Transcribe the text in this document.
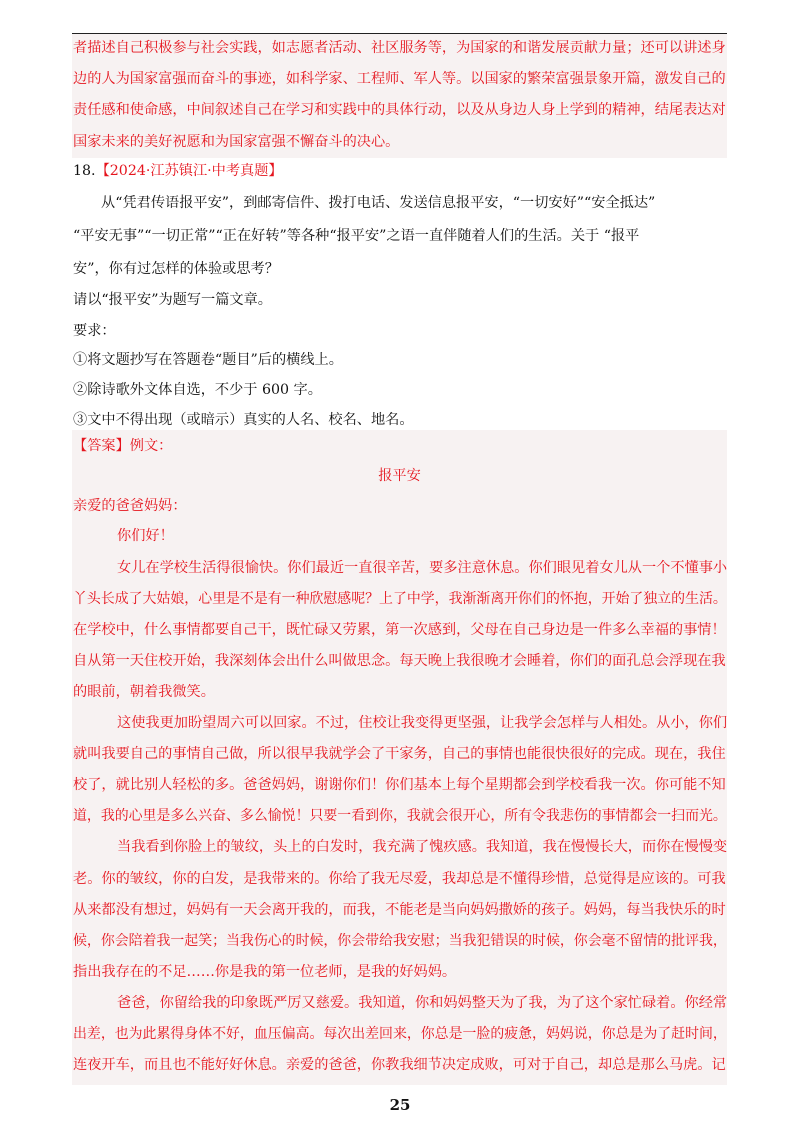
者描述自己积极参与社会实践，如志愿者活动、社区服务等，为国家的和谐发展贡献力量；还可以讲述身
边的人为国家富强而奋斗的事迹，如科学家、工程师、军人等。以国家的繁荣富强景象开篇，激发自己的
责任感和使命感，中间叙述自己在学习和实践中的具体行动，以及从身边人身上学到的精神，结尾表达对
国家未来的美好祝愿和为国家富强不懈奋斗的决心。
18.【2024·江苏镇江·中考真题】
从“凭君传语报平安”，到邮寄信件、拨打电话、发送信息报平安，“一切安好”“安全抵达”
“平安无事”“一切正常”“正在好转”等各种“报平安”之语一直伴随着人们的生活。关于 “报平
安”，你有过怎样的体验或思考？
请以“报平安”为题写一篇文章。
要求：
①将文题抄写在答题卷“题目”后的横线上。
②除诗歌外文体自选，不少于 600 字。
③文中不得出现（或暗示）真实的人名、校名、地名。
【答案】例文：
报平安
亲爱的爸爸妈妈：
你们好！
女儿在学校生活得很愉快。你们最近一直很辛苦，要多注意休息。你们眼见着女儿从一个不懂事小
丫头长成了大姑娘，心里是不是有一种欣慰感呢？上了中学，我渐渐离开你们的怀抱，开始了独立的生活。
在学校中，什么事情都要自己干，既忙碌又劳累，第一次感到，父母在自己身边是一件多么幸福的事情！
自从第一天住校开始，我深刻体会出什么叫做思念。每天晚上我很晚才会睡着，你们的面孔总会浮现在我
的眼前，朝着我微笑。
这使我更加盼望周六可以回家。不过，住校让我变得更坚强，让我学会怎样与人相处。从小，你们
就叫我要自己的事情自己做，所以很早我就学会了干家务，自己的事情也能很快很好的完成。现在，我住
校了，就比别人轻松的多。爸爸妈妈，谢谢你们！你们基本上每个星期都会到学校看我一次。你可能不知
道，我的心里是多么兴奋、多么愉悦！只要一看到你，我就会很开心，所有令我悲伤的事情都会一扫而光。
当我看到你脸上的皱纹，头上的白发时，我充满了愧疚感。我知道，我在慢慢长大，而你在慢慢变
老。你的皱纹，你的白发，是我带来的。你给了我无尽爱，我却总是不懂得珍惜，总觉得是应该的。可我
从来都没有想过，妈妈有一天会离开我的，而我，不能老是当向妈妈撒娇的孩子。妈妈，每当我快乐的时
候，你会陪着我一起笑；当我伤心的时候，你会带给我安慰；当我犯错误的时候，你会毫不留情的批评我，
指出我存在的不足……你是我的第一位老师，是我的好妈妈。
爸爸，你留给我的印象既严厉又慈爱。我知道，你和妈妈整天为了我，为了这个家忙碌着。你经常
出差，也为此累得身体不好，血压偏高。每次出差回来，你总是一脸的疲惫，妈妈说，你总是为了赶时间，
连夜开车，而且也不能好好休息。亲爱的爸爸，你教我细节决定成败，可对于自己，却总是那么马虎。记
25
